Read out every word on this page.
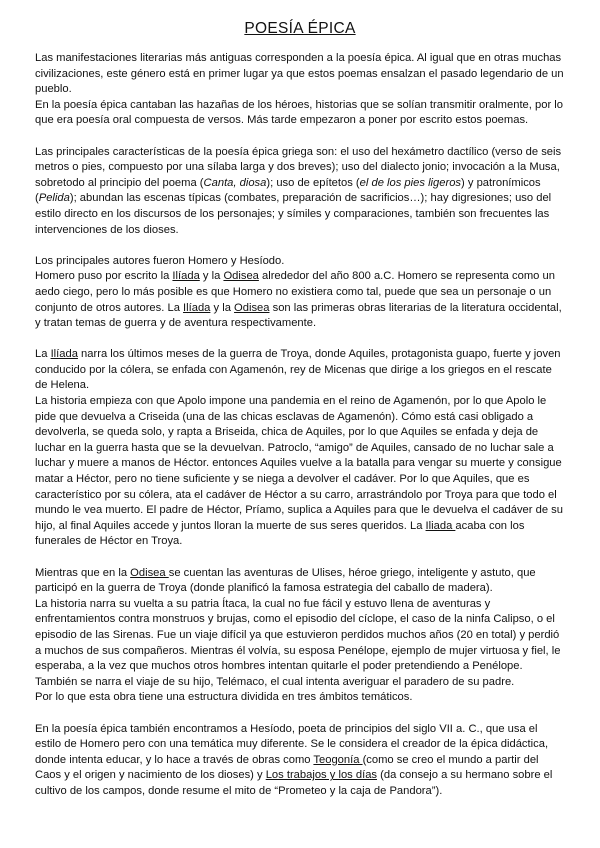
POESÍA ÉPICA

Las manifestaciones literarias más antiguas corresponden a la poesía épica. Al igual que en otras muchas civilizaciones, este género está en primer lugar ya que estos poemas ensalzan el pasado legendario de un pueblo.

En la poesía épica cantaban las hazañas de los héroes, historias que se solían transmitir oralmente, por lo que era poesía oral compuesta de versos. Más tarde empezaron a poner por escrito estos poemas.

Las principales características de la poesía épica griega son: el uso del hexámetro dactílico (verso de seis metros o pies, compuesto por una sílaba larga y dos breves); uso del dialecto jonio; invocación a la Musa, sobretodo al principio del poema (Canta, diosa); uso de epítetos (el de los pies ligeros) y patronímicos (Pelida); abundan las escenas típicas (combates, preparación de sacrificios…); hay digresiones; uso del estilo directo en los discursos de los personajes; y símiles y comparaciones, también son frecuentes las intervenciones de los dioses.

Los principales autores fueron Homero y Hesíodo.

Homero puso por escrito la Ilíada y la Odisea alrededor del año 800 a.C. Homero se representa como un aedo ciego, pero lo más posible es que Homero no existiera como tal, puede que sea un personaje o un conjunto de otros autores. La Ilíada y la Odisea son las primeras obras literarias de la literatura occidental, y tratan temas de guerra y de aventura respectivamente.

La Ilíada narra los últimos meses de la guerra de Troya, donde Aquiles, protagonista guapo, fuerte y joven conducido por la cólera, se enfada con Agamenón, rey de Micenas que dirige a los griegos en el rescate de Helena.

La historia empieza con que Apolo impone una pandemia en el reino de Agamenón, por lo que Apolo le pide que devuelva a Criseida (una de las chicas esclavas de Agamenón). Cómo está casi obligado a devolverla, se queda solo, y rapta a Briseida, chica de Aquiles, por lo que Aquiles se enfada y deja de luchar en la guerra hasta que se la devuelvan. Patroclo, “amigo” de Aquiles, cansado de no luchar sale a luchar y muere a manos de Héctor. entonces Aquiles vuelve a la batalla para vengar su muerte y consigue matar a Héctor, pero no tiene suficiente y se niega a devolver el cadáver. Por lo que Aquiles, que es característico por su cólera, ata el cadáver de Héctor a su carro, arrastrándolo por Troya para que todo el mundo le vea muerto. El padre de Héctor, Príamo, suplica a Aquiles para que le devuelva el cadáver de su hijo, al final Aquiles accede y juntos lloran la muerte de sus seres queridos. La Iliada acaba con los funerales de Héctor en Troya.

Mientras que en la Odisea se cuentan las aventuras de Ulises, héroe griego, inteligente y astuto, que participó en la guerra de Troya (donde planificó la famosa estrategia del caballo de madera).

La historia narra su vuelta a su patria Ítaca, la cual no fue fácil y estuvo llena de aventuras y enfrentamientos contra monstruos y brujas, como el episodio del cíclope, el caso de la ninfa Calipso, o el episodio de las Sirenas. Fue un viaje difícil ya que estuvieron perdidos muchos años (20 en total) y perdió a muchos de sus compañeros. Mientras él volvía, su esposa Penélope, ejemplo de mujer virtuosa y fiel, le esperaba, a la vez que muchos otros hombres intentan quitarle el poder pretendiendo a Penélope. También se narra el viaje de su hijo, Telémaco, el cual intenta averiguar el paradero de su padre.

Por lo que esta obra tiene una estructura dividida en tres ámbitos temáticos.

En la poesía épica también encontramos a Hesíodo, poeta de principios del siglo VII a. C., que usa el estilo de Homero pero con una temática muy diferente. Se le considera el creador de la épica didáctica, donde intenta educar, y lo hace a través de obras como Teogonía (como se creo el mundo a partir del Caos y el origen y nacimiento de los dioses) y Los trabajos y los días (da consejo a su hermano sobre el cultivo de los campos, donde resume el mito de “Prometeo y la caja de Pandora”).
